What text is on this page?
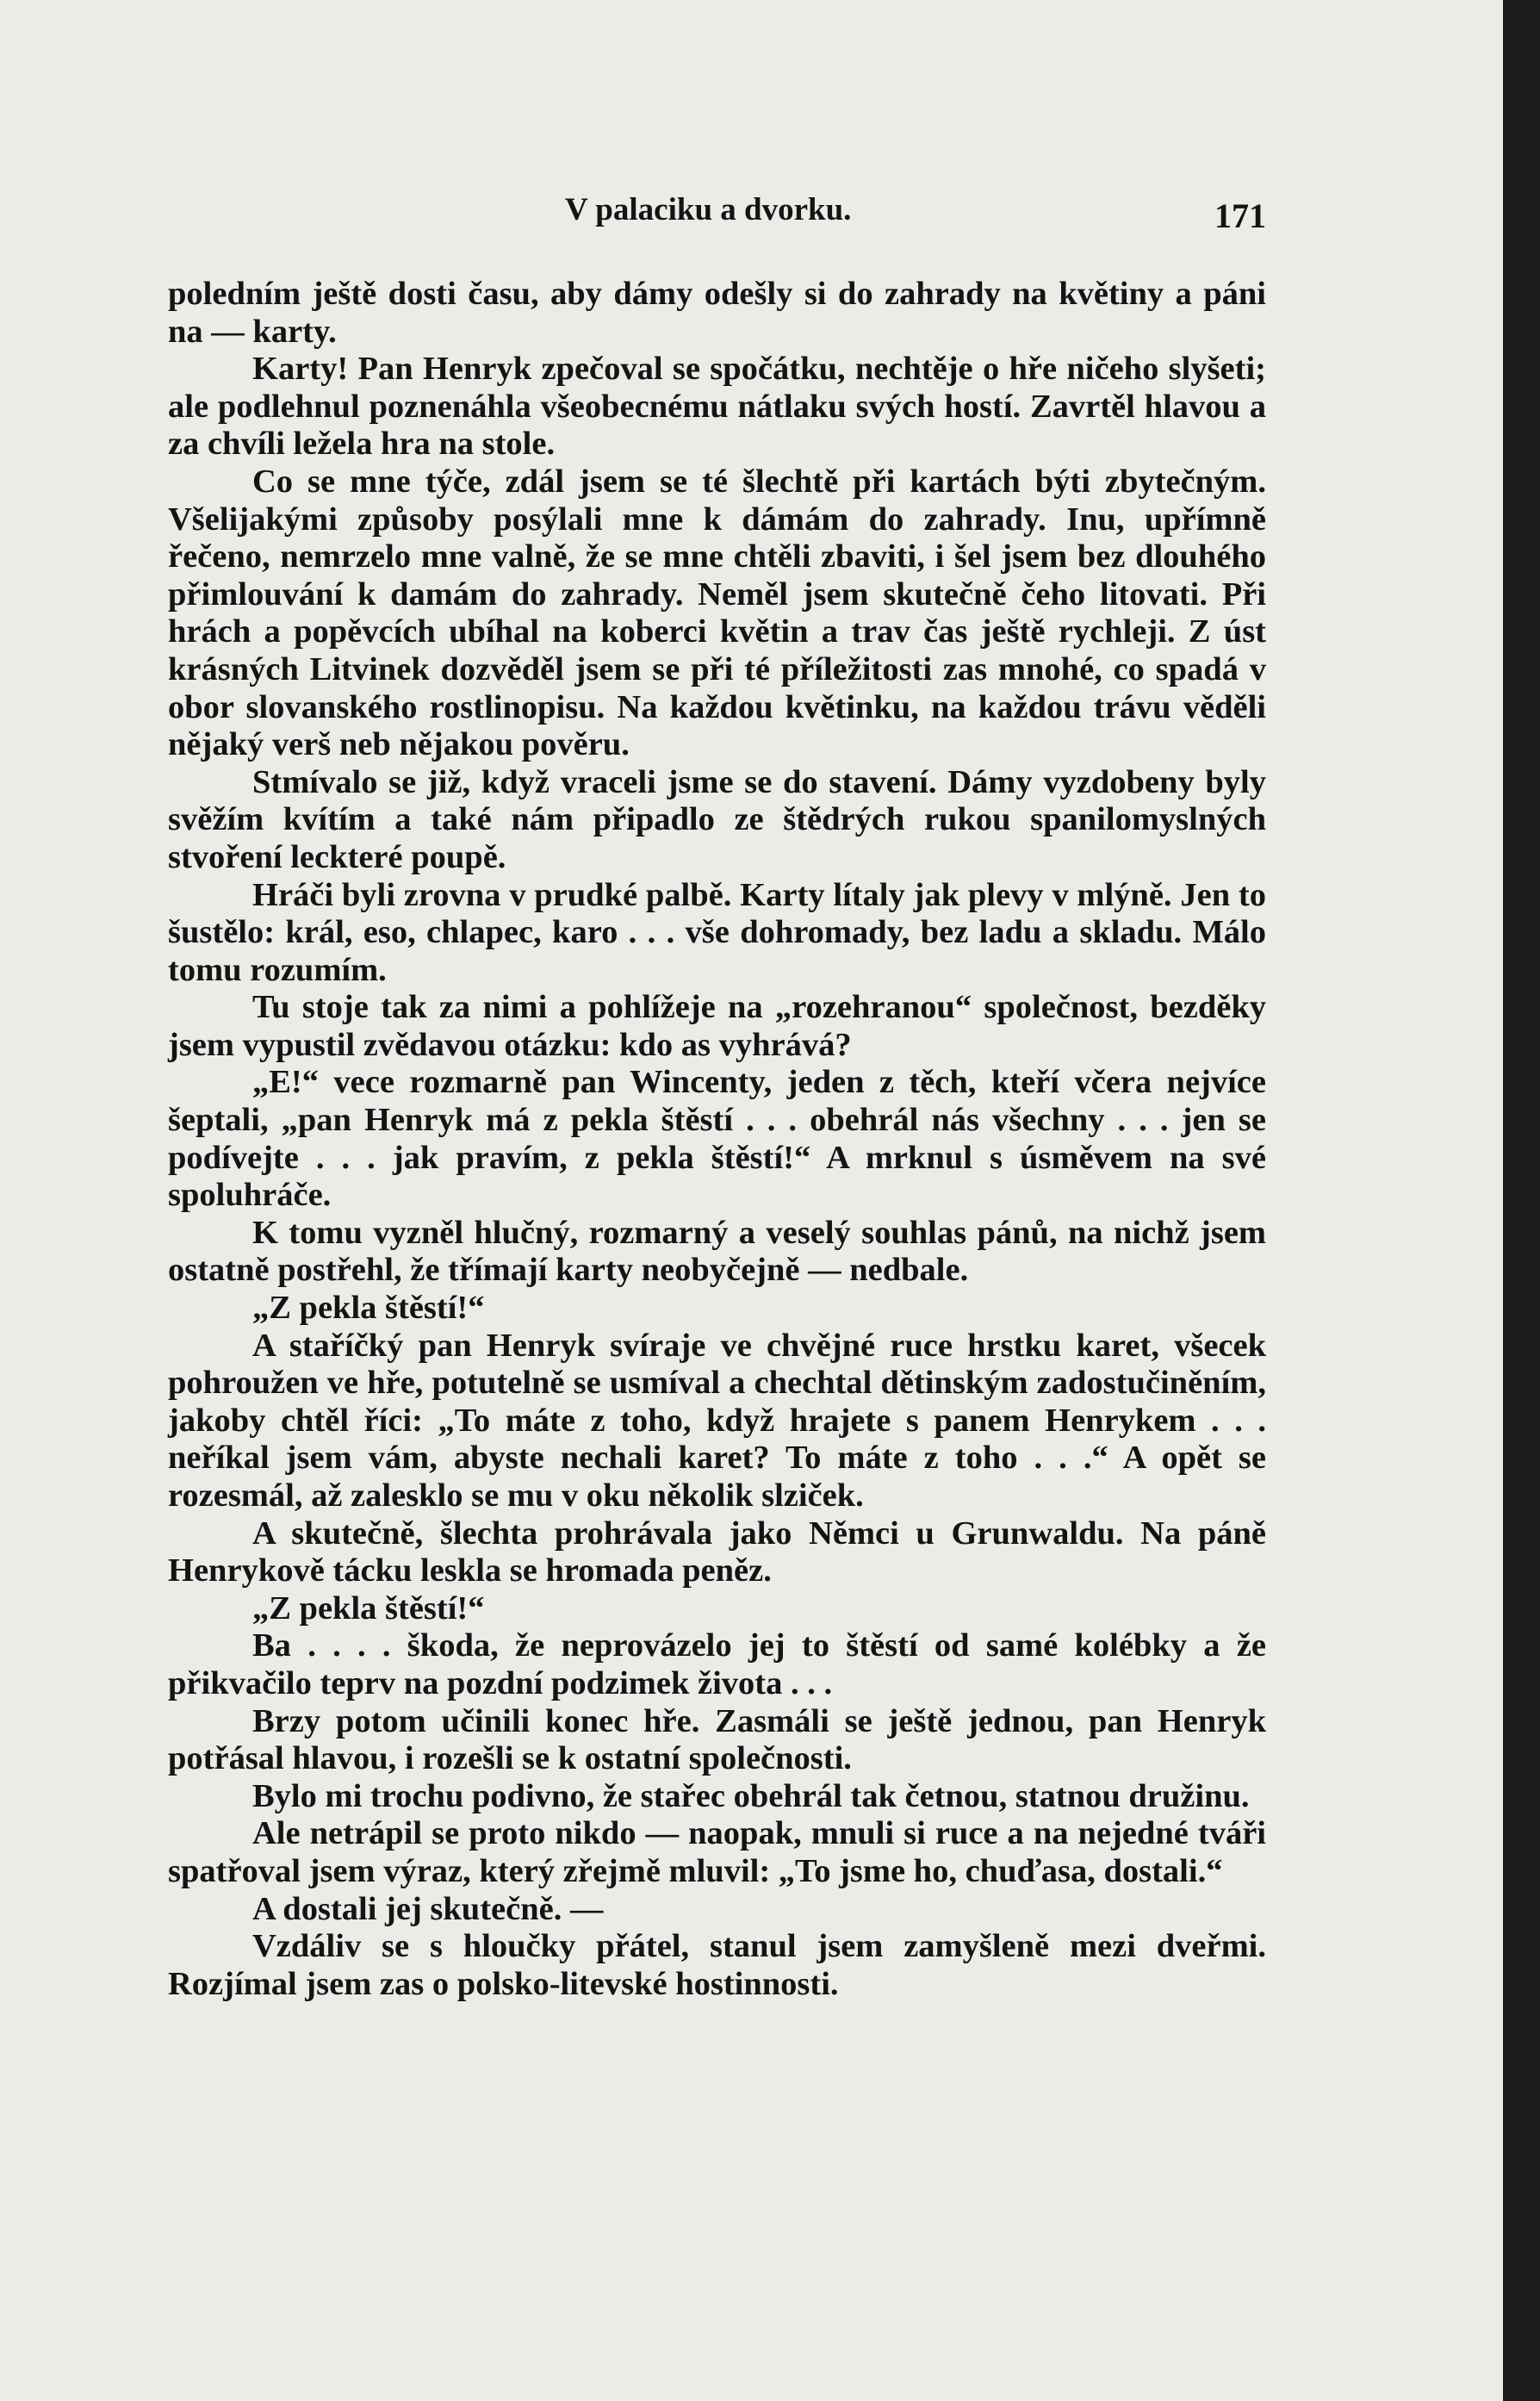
V palaciku a dvorku.	171

poledním ještě dosti času, aby dámy odešly si do zahrady na květiny a páni na — karty.

Karty! Pan Henryk zpečoval se spočátku, nechtěje o hře ničeho slyšeti; ale podlehnul poznenáhla všeobecnému nátlaku svých hostí. Zavrtěl hlavou a za chvíli ležela hra na stole.

Co se mne týče, zdál jsem se té šlechtě při kartách býti zbytečným. Všelijakými způsoby posýlali mne k dámám do zahrady. Inu, upřímně řečeno, nemrzelo mne valně, že se mne chtěli zbaviti, i šel jsem bez dlouhého přimlouvání k damám do zahrady. Neměl jsem skutečně čeho litovati. Při hrách a popěvcích ubíhal na koberci květin a trav čas ještě rychleji. Z úst krásných Litvinek dozvěděl jsem se při té příležitosti zas mnohé, co spadá v obor slovanského rostlinopisu. Na každou květinku, na každou trávu věděli nějaký verš neb nějakou pověru.

Stmívalo se již, když vraceli jsme se do stavení. Dámy vyzdobeny byly svěžím kvítím a také nám připadlo ze štědrých rukou spanilomyslných stvoření leckteré poupě.

Hráči byli zrovna v prudké palbě. Karty lítaly jak plevy v mlýně. Jen to šustělo: král, eso, chlapec, karo . . . vše dohromady, bez ladu a skladu. Málo tomu rozumím.

Tu stoje tak za nimi a pohlížeje na „rozehranou“ společnost, bezděky jsem vypustil zvědavou otázku: kdo as vyhrává?

„E!“ vece rozmarně pan Wincenty, jeden z těch, kteří včera nejvíce šeptali, „pan Henryk má z pekla štěstí . . . obehrál nás všechny . . . jen se podívejte . . . jak pravím, z pekla štěstí!“ A mrknul s úsměvem na své spoluhráče.

K tomu vyzněl hlučný, rozmarný a veselý souhlas pánů, na nichž jsem ostatně postřehl, že třímají karty neobyčejně — nedbale.

„Z pekla štěstí!“

A staříčký pan Henryk svíraje ve chvějné ruce hrstku karet, všecek pohroužen ve hře, potutelně se usmíval a chechtal dětinským zadostučiněním, jakoby chtěl říci: „To máte z toho, když hrajete s panem Henrykem . . . neříkal jsem vám, abyste nechali karet? To máte z toho . . .“ A opět se rozesmál, až zalesklo se mu v oku několik slziček.

A skutečně, šlechta prohrávala jako Němci u Grunwaldu. Na páně Henrykově tácku leskla se hromada peněz.

„Z pekla štěstí!“

Ba . . . . škoda, že neprovázelo jej to štěstí od samé kolébky a že přikvačilo teprv na pozdní podzimek života . . .

Brzy potom učinili konec hře. Zasmáli se ještě jednou, pan Henryk potřásal hlavou, i rozešli se k ostatní společnosti.

Bylo mi trochu podivno, že stařec obehrál tak četnou, statnou družinu.

Ale netrápil se proto nikdo — naopak, mnuli si ruce a na nejedné tváři spatřoval jsem výraz, který zřejmě mluvil: „To jsme ho, chuďasa, dostali.“

A dostali jej skutečně. —

Vzdáliv se s hloučky přátel, stanul jsem zamyšleně mezi dveřmi. Rozjímal jsem zas o polsko-litevské hostinnosti.
